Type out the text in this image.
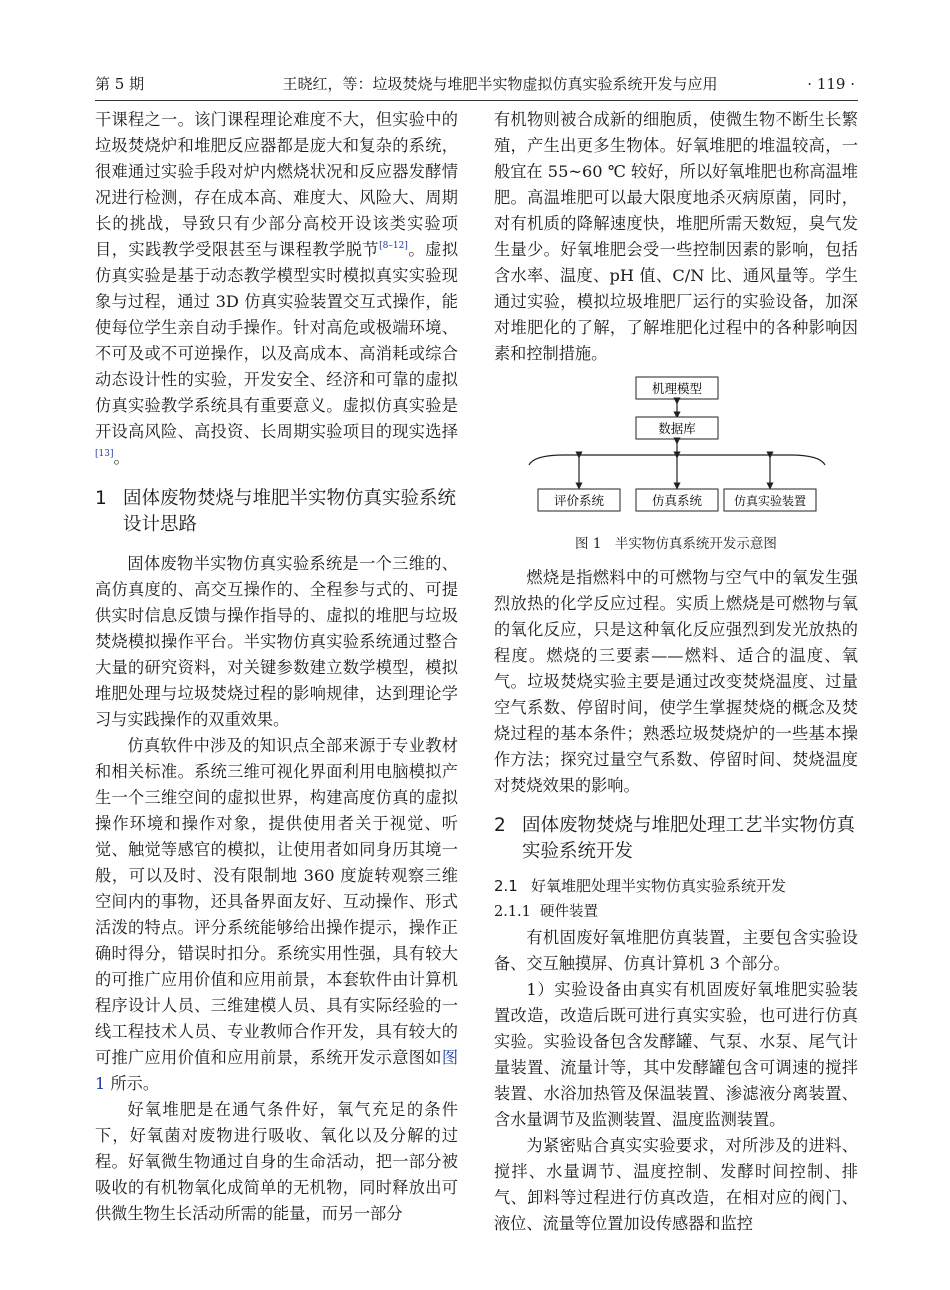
第 5 期	王晓红，等：垃圾焚烧与堆肥半实物虚拟仿真实验系统开发与应用	· 119 ·

干课程之一。该门课程理论难度不大，但实验中的垃圾焚烧炉和堆肥反应器都是庞大和复杂的系统，很难通过实验手段对炉内燃烧状况和反应器发酵情况进行检测，存在成本高、难度大、风险大、周期长的挑战，导致只有少部分高校开设该类实验项目，实践教学受限甚至与课程教学脱节[8–12]。虚拟仿真实验是基于动态教学模型实时模拟真实实验现象与过程，通过 3D 仿真实验装置交互式操作，能使每位学生亲自动手操作。针对高危或极端环境、不可及或不可逆操作，以及高成本、高消耗或综合动态设计性的实验，开发安全、经济和可靠的虚拟仿真实验教学系统具有重要意义。虚拟仿真实验是开设高风险、高投资、长周期实验项目的现实选择[13]。

1 固体废物焚烧与堆肥半实物仿真实验系统设计思路

固体废物半实物仿真实验系统是一个三维的、高仿真度的、高交互操作的、全程参与式的、可提供实时信息反馈与操作指导的、虚拟的堆肥与垃圾焚烧模拟操作平台。半实物仿真实验系统通过整合大量的研究资料，对关键参数建立数学模型，模拟堆肥处理与垃圾焚烧过程的影响规律，达到理论学习与实践操作的双重效果。

仿真软件中涉及的知识点全部来源于专业教材和相关标准。系统三维可视化界面利用电脑模拟产生一个三维空间的虚拟世界，构建高度仿真的虚拟操作环境和操作对象，提供使用者关于视觉、听觉、触觉等感官的模拟，让使用者如同身历其境一般，可以及时、没有限制地 360 度旋转观察三维空间内的事物，还具备界面友好、互动操作、形式活泼的特点。评分系统能够给出操作提示，操作正确时得分，错误时扣分。系统实用性强，具有较大的可推广应用价值和应用前景，本套软件由计算机程序设计人员、三维建模人员、具有实际经验的一线工程技术人员、专业教师合作开发，具有较大的可推广应用价值和应用前景，系统开发示意图如图 1 所示。

好氧堆肥是在通气条件好，氧气充足的条件下，好氧菌对废物进行吸收、氧化以及分解的过程。好氧微生物通过自身的生命活动，把一部分被吸收的有机物氧化成简单的无机物，同时释放出可供微生物生长活动所需的能量，而另一部分

有机物则被合成新的细胞质，使微生物不断生长繁殖，产生出更多生物体。好氧堆肥的堆温较高，一般宜在 55~60 ℃ 较好，所以好氧堆肥也称高温堆肥。高温堆肥可以最大限度地杀灭病原菌，同时，对有机质的降解速度快，堆肥所需天数短，臭气发生量少。好氧堆肥会受一些控制因素的影响，包括含水率、温度、pH 值、C/N 比、通风量等。学生通过实验，模拟垃圾堆肥厂运行的实验设备，加深对堆肥化的了解，了解堆肥化过程中的各种影响因素和控制措施。

机理模型
数据库
评价系统	仿真系统	仿真实验装置
图 1　半实物仿真系统开发示意图

燃烧是指燃料中的可燃物与空气中的氧发生强烈放热的化学反应过程。实质上燃烧是可燃物与氧的氧化反应，只是这种氧化反应强烈到发光放热的程度。燃烧的三要素——燃料、适合的温度、氧气。垃圾焚烧实验主要是通过改变焚烧温度、过量空气系数、停留时间，使学生掌握焚烧的概念及焚烧过程的基本条件；熟悉垃圾焚烧炉的一些基本操作方法；探究过量空气系数、停留时间、焚烧温度对焚烧效果的影响。

2 固体废物焚烧与堆肥处理工艺半实物仿真实验系统开发
2.1 好氧堆肥处理半实物仿真实验系统开发
2.1.1 硬件装置

有机固废好氧堆肥仿真装置，主要包含实验设备、交互触摸屏、仿真计算机 3 个部分。

1）实验设备由真实有机固废好氧堆肥实验装置改造，改造后既可进行真实实验，也可进行仿真实验。实验设备包含发酵罐、气泵、水泵、尾气计量装置、流量计等，其中发酵罐包含可调速的搅拌装置、水浴加热管及保温装置、渗滤液分离装置、含水量调节及监测装置、温度监测装置。

为紧密贴合真实实验要求，对所涉及的进料、搅拌、水量调节、温度控制、发酵时间控制、排气、卸料等过程进行仿真改造，在相对应的阀门、液位、流量等位置加设传感器和监控
